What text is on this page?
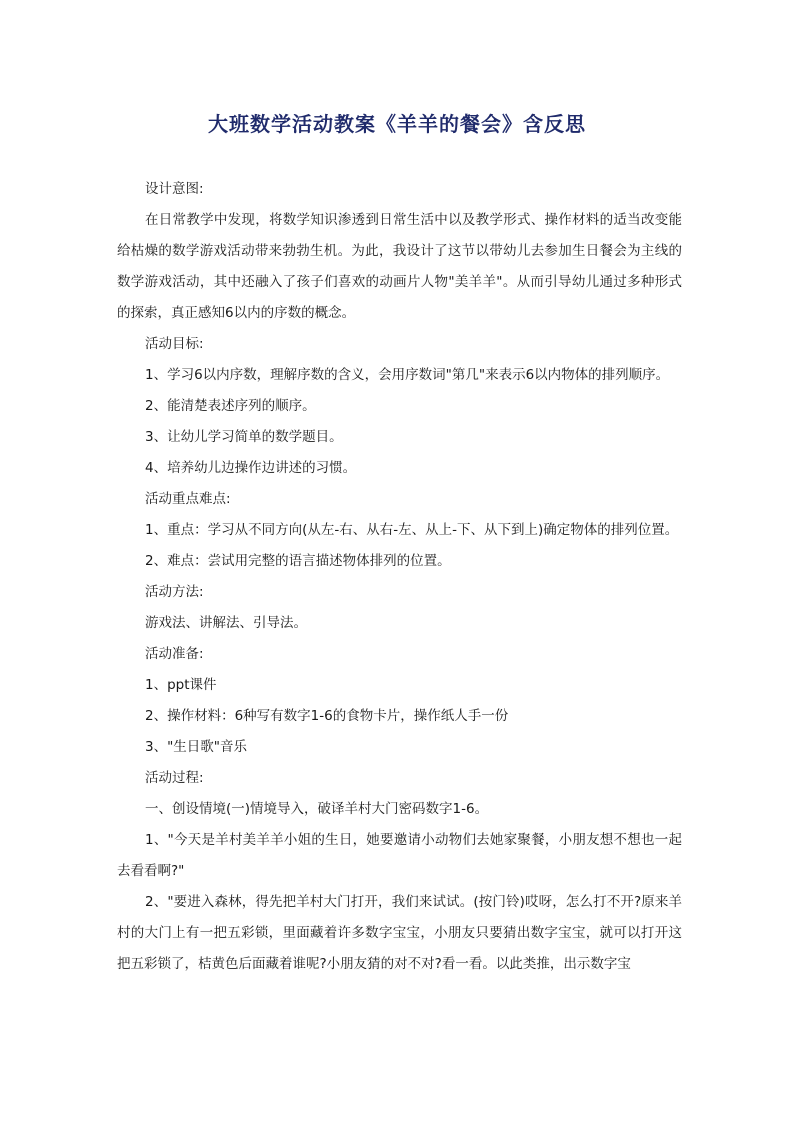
大班数学活动教案《羊羊的餐会》含反思

设计意图:

在日常教学中发现，将数学知识渗透到日常生活中以及教学形式、操作材料的适当改变能给枯燥的数学游戏活动带来勃勃生机。为此，我设计了这节以带幼儿去参加生日餐会为主线的数学游戏活动，其中还融入了孩子们喜欢的动画片人物"美羊羊"。从而引导幼儿通过多种形式的探索，真正感知6以内的序数的概念。

活动目标:

1、学习6以内序数，理解序数的含义，会用序数词"第几"来表示6以内物体的排列顺序。

2、能清楚表述序列的顺序。

3、让幼儿学习简单的数学题目。

4、培养幼儿边操作边讲述的习惯。

活动重点难点:

1、重点：学习从不同方向(从左-右、从右-左、从上-下、从下到上)确定物体的排列位置。

2、难点：尝试用完整的语言描述物体排列的位置。

活动方法:

游戏法、讲解法、引导法。

活动准备:

1、ppt课件

2、操作材料：6种写有数字1-6的食物卡片，操作纸人手一份

3、"生日歌"音乐

活动过程:

一、创设情境(一)情境导入，破译羊村大门密码数字1-6。

1、"今天是羊村美羊羊小姐的生日，她要邀请小动物们去她家聚餐，小朋友想不想也一起去看看啊?"

2、"要进入森林，得先把羊村大门打开，我们来试试。(按门铃)哎呀，怎么打不开?原来羊村的大门上有一把五彩锁，里面藏着许多数字宝宝，小朋友只要猜出数字宝宝，就可以打开这把五彩锁了，桔黄色后面藏着谁呢?小朋友猜的对不对?看一看。以此类推，出示数字宝
